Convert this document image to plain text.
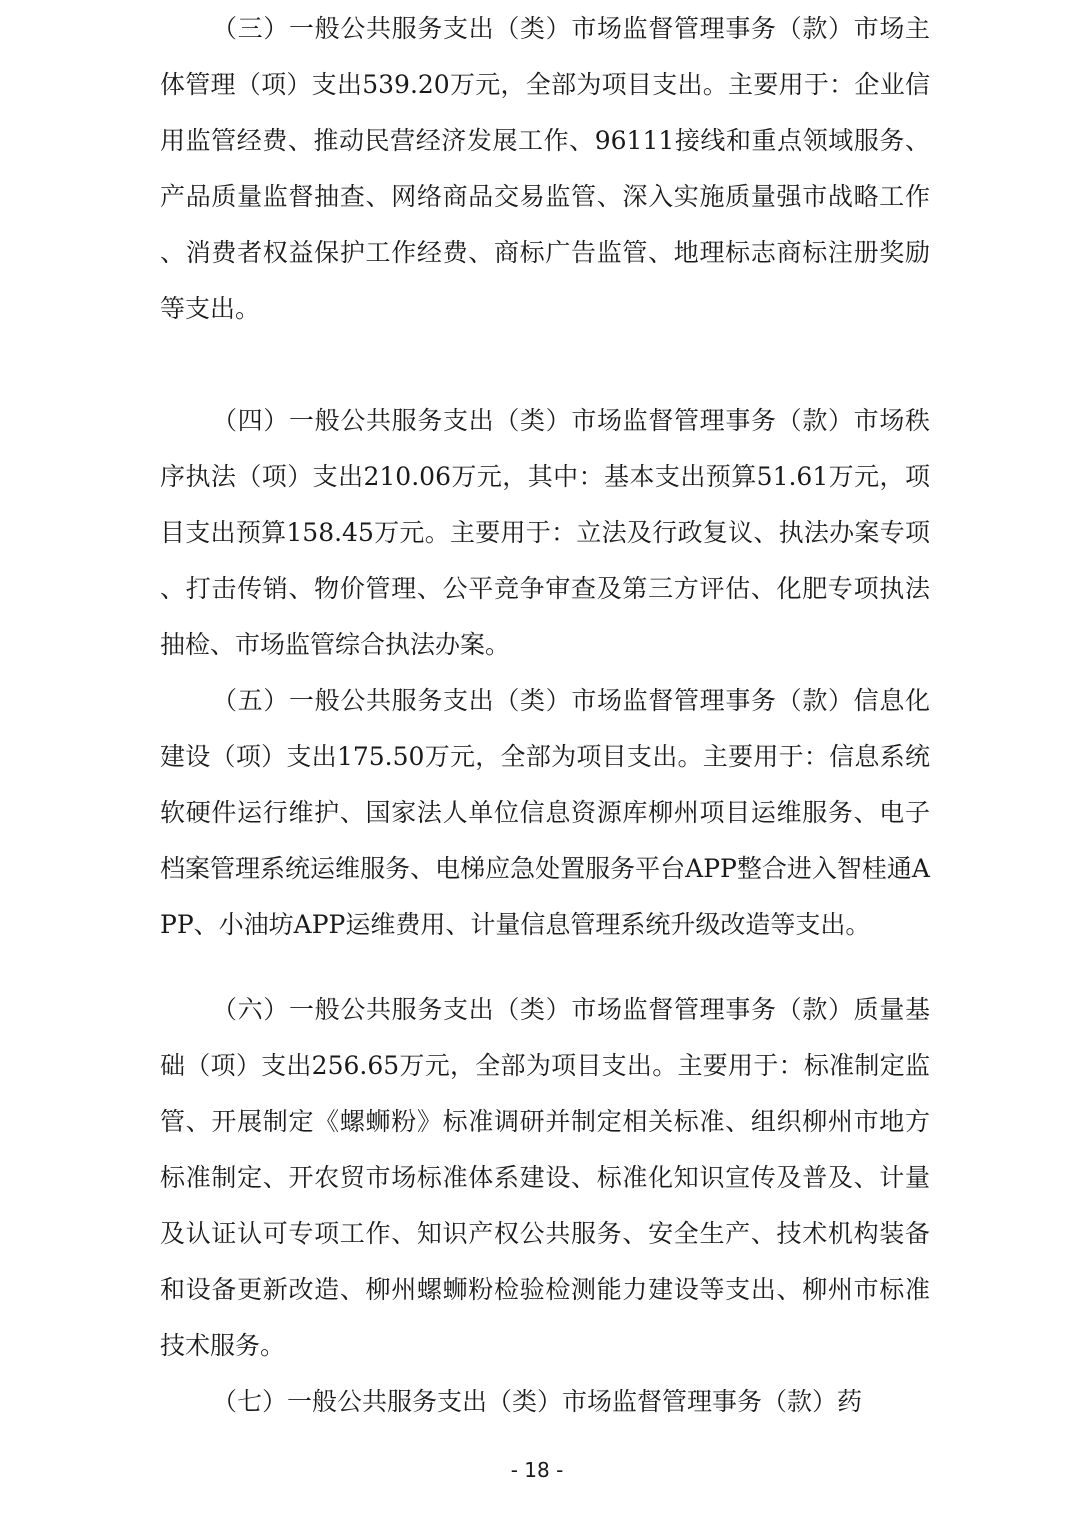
（三）一般公共服务支出（类）市场监督管理事务（款）市场主体管理（项）支出539.20万元，全部为项目支出。主要用于：企业信用监管经费、推动民营经济发展工作、96111接线和重点领域服务、产品质量监督抽查、网络商品交易监管、深入实施质量强市战略工作、消费者权益保护工作经费、商标广告监管、地理标志商标注册奖励等支出。

（四）一般公共服务支出（类）市场监督管理事务（款）市场秩序执法（项）支出210.06万元，其中：基本支出预算51.61万元，项目支出预算158.45万元。主要用于：立法及行政复议、执法办案专项、打击传销、物价管理、公平竞争审查及第三方评估、化肥专项执法抽检、市场监管综合执法办案。

（五）一般公共服务支出（类）市场监督管理事务（款）信息化建设（项）支出175.50万元，全部为项目支出。主要用于：信息系统软硬件运行维护、国家法人单位信息资源库柳州项目运维服务、电子档案管理系统运维服务、电梯应急处置服务平台APP整合进入智桂通APP、小油坊APP运维费用、计量信息管理系统升级改造等支出。

（六）一般公共服务支出（类）市场监督管理事务（款）质量基础（项）支出256.65万元，全部为项目支出。主要用于：标准制定监管、开展制定《螺蛳粉》标准调研并制定相关标准、组织柳州市地方标准制定、开农贸市场标准体系建设、标准化知识宣传及普及、计量及认证认可专项工作、知识产权公共服务、安全生产、技术机构装备和设备更新改造、柳州螺蛳粉检验检测能力建设等支出、柳州市标准技术服务。

（七）一般公共服务支出（类）市场监督管理事务（款）药

- 18 -
